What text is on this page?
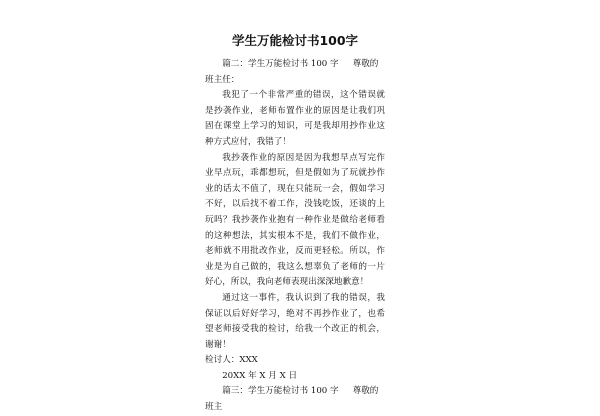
学生万能检讨书100字

篇二：学生万能检讨书 100 字 尊敬的班主任：

我犯了一个非常严重的错误，这个错误就是抄袭作业，老师布置作业的原因是让我们巩固在课堂上学习的知识，可是我却用抄作业这种方式应付，我错了！

我抄袭作业的原因是因为我想早点写完作业早点玩，乖都想玩，但是假如为了玩就抄作业的话太不值了，现在只能玩一会，假如学习不好，以后找不着工作，没钱吃饭，还谈的上玩吗？我抄袭作业抱有一种作业是做给老师看的这种想法，其实根本不是，我们不做作业，老师就不用批改作业，反而更轻松。所以，作业是为自己做的，我这么想辜负了老师的一片好心，所以，我向老师表现出深深地歉意！

通过这一事件，我认识到了我的错误，我保证以后好好学习，绝对不再抄作业了，也希望老师接受我的检讨，给我一个改正的机会，谢谢！

检讨人：XXX

20XX 年 X 月 X 日

篇三：学生万能检讨书 100 字 尊敬的班主
